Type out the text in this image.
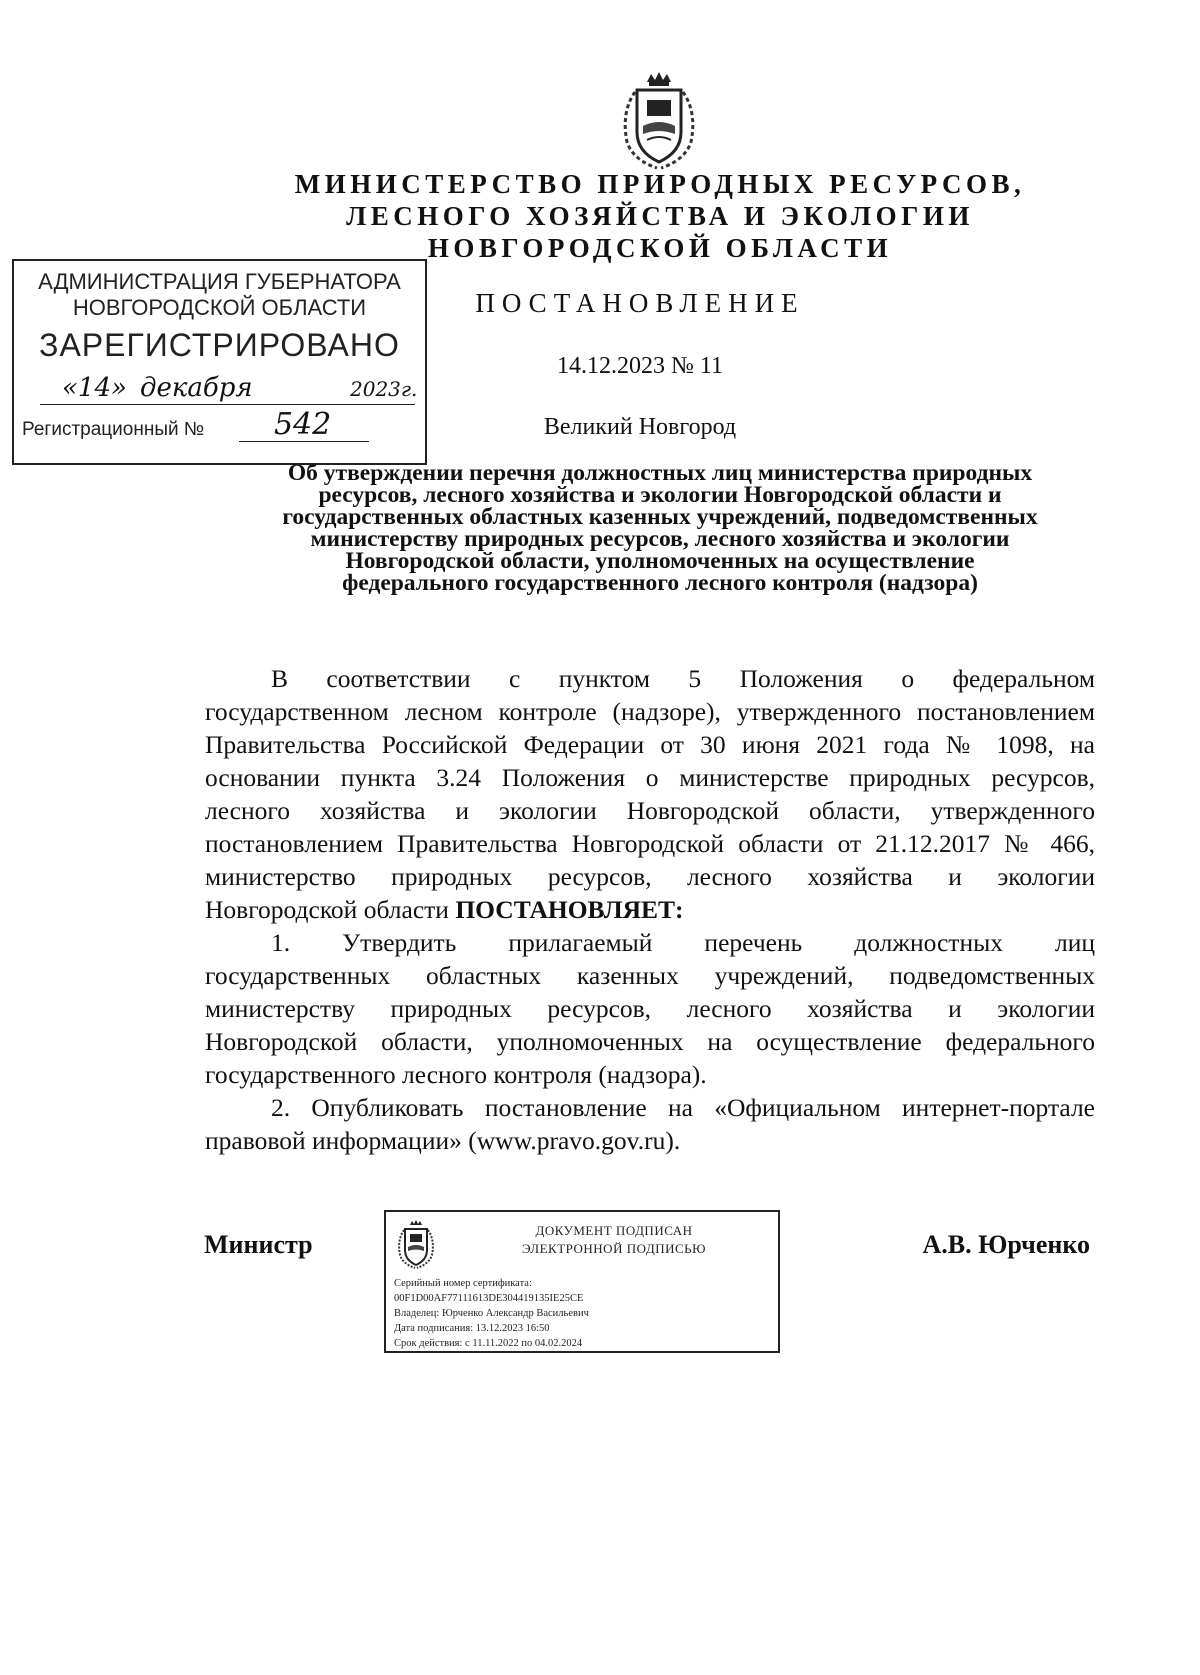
МИНИСТЕРСТВО ПРИРОДНЫХ РЕСУРСОВ,
ЛЕСНОГО ХОЗЯЙСТВА И ЭКОЛОГИИ
НОВГОРОДСКОЙ ОБЛАСТИ
ПОСТАНОВЛЕНИЕ
14.12.2023 № 11
Великий Новгород
АДМИНИСТРАЦИЯ ГУБЕРНАТОРА
НОВГОРОДСКОЙ ОБЛАСТИ
ЗАРЕГИСТРИРОВАНО
«14» декабря	2023г.
Регистрационный № 542
Об утверждении перечня должностных лиц министерства природных
ресурсов, лесного хозяйства и экологии Новгородской области и
государственных областных казенных учреждений, подведомственных
министерству природных ресурсов, лесного хозяйства и экологии
Новгородской области, уполномоченных на осуществление
федерального государственного лесного контроля (надзора)

В соответствии с пунктом 5 Положения о федеральном

государственном лесном контроле (надзоре), утвержденного постановлением

Правительства Российской Федерации от 30 июня 2021 года № 1098, на

основании пункта 3.24 Положения о министерстве природных ресурсов,

лесного хозяйства и экологии Новгородской области, утвержденного

постановлением Правительства Новгородской области от 21.12.2017 № 466,

министерство природных ресурсов, лесного хозяйства и экологии

Новгородской области ПОСТАНОВЛЯЕТ:

1. Утвердить прилагаемый перечень должностных лиц

государственных областных казенных учреждений, подведомственных

министерству природных ресурсов, лесного хозяйства и экологии

Новгородской области, уполномоченных на осуществление федерального

государственного лесного контроля (надзора).

2. Опубликовать постановление на «Официальном интернет-портале

правовой информации» (www.pravo.gov.ru).

Министр	А.В. Юрченко
ДОКУМЕНТ ПОДПИСАН
ЭЛЕКТРОННОЙ ПОДПИСЬЮ
Серийный номер сертификата:
00F1D00AF77111613DE304419135IE25CE
Владелец: Юрченко Александр Васильевич
Дата подписания: 13.12.2023 16:50
Срок действия: с 11.11.2022 по 04.02.2024
